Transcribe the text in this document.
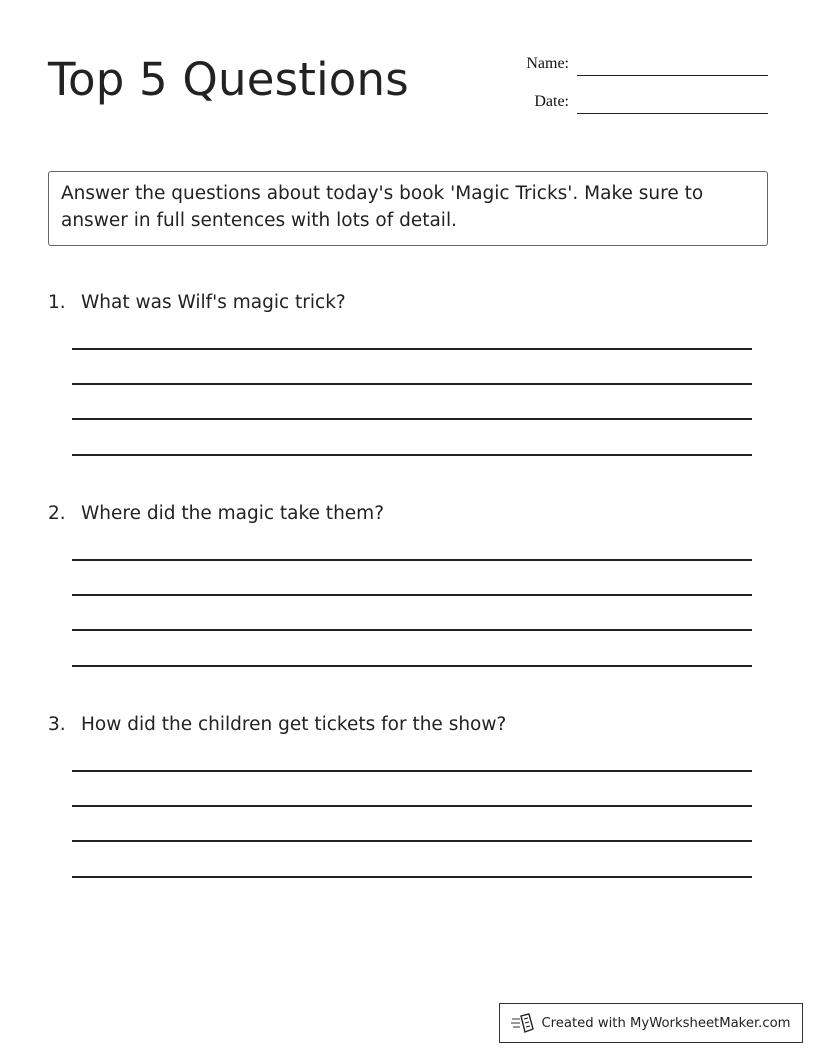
Top 5 Questions	Name:
Date:
Answer the questions about today's book 'Magic Tricks'. Make sure to answer in full sentences with lots of detail.
1. What was Wilf's magic trick?
2. Where did the magic take them?
3. How did the children get tickets for the show?
Created with MyWorksheetMaker.com
